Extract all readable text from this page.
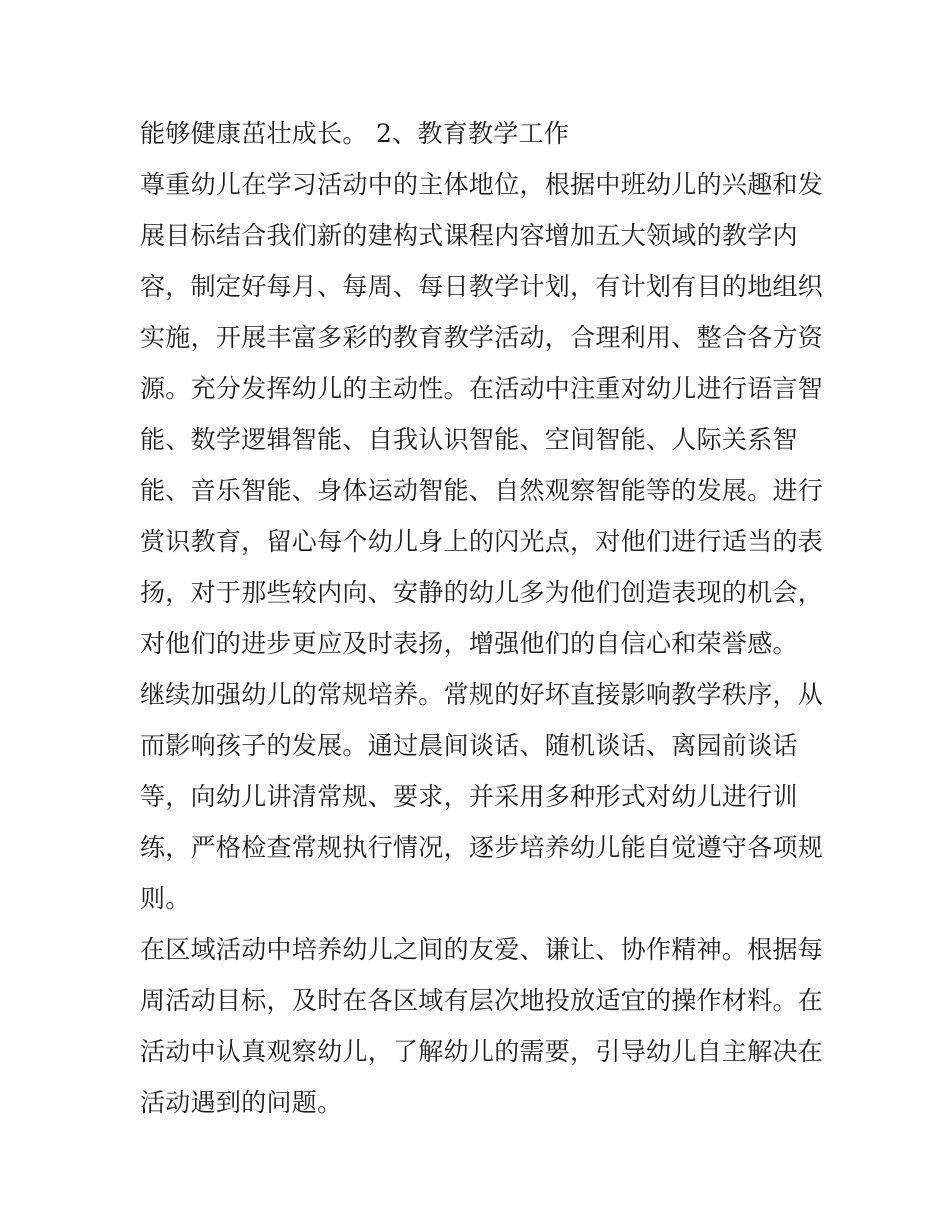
能够健康茁壮成长。 2、教育教学工作
尊重幼儿在学习活动中的主体地位，根据中班幼儿的兴趣和发
展目标结合我们新的建构式课程内容增加五大领域的教学内
容，制定好每月、每周、每日教学计划，有计划有目的地组织
实施，开展丰富多彩的教育教学活动，合理利用、整合各方资
源。充分发挥幼儿的主动性。在活动中注重对幼儿进行语言智
能、数学逻辑智能、自我认识智能、空间智能、人际关系智
能、音乐智能、身体运动智能、自然观察智能等的发展。进行
赏识教育，留心每个幼儿身上的闪光点，对他们进行适当的表
扬，对于那些较内向、安静的幼儿多为他们创造表现的机会，
对他们的进步更应及时表扬，增强他们的自信心和荣誉感。
继续加强幼儿的常规培养。常规的好坏直接影响教学秩序，从
而影响孩子的发展。通过晨间谈话、随机谈话、离园前谈话
等，向幼儿讲清常规、要求，并采用多种形式对幼儿进行训
练，严格检查常规执行情况，逐步培养幼儿能自觉遵守各项规
则。
在区域活动中培养幼儿之间的友爱、谦让、协作精神。根据每
周活动目标，及时在各区域有层次地投放适宜的操作材料。在
活动中认真观察幼儿，了解幼儿的需要，引导幼儿自主解决在
活动遇到的问题。
